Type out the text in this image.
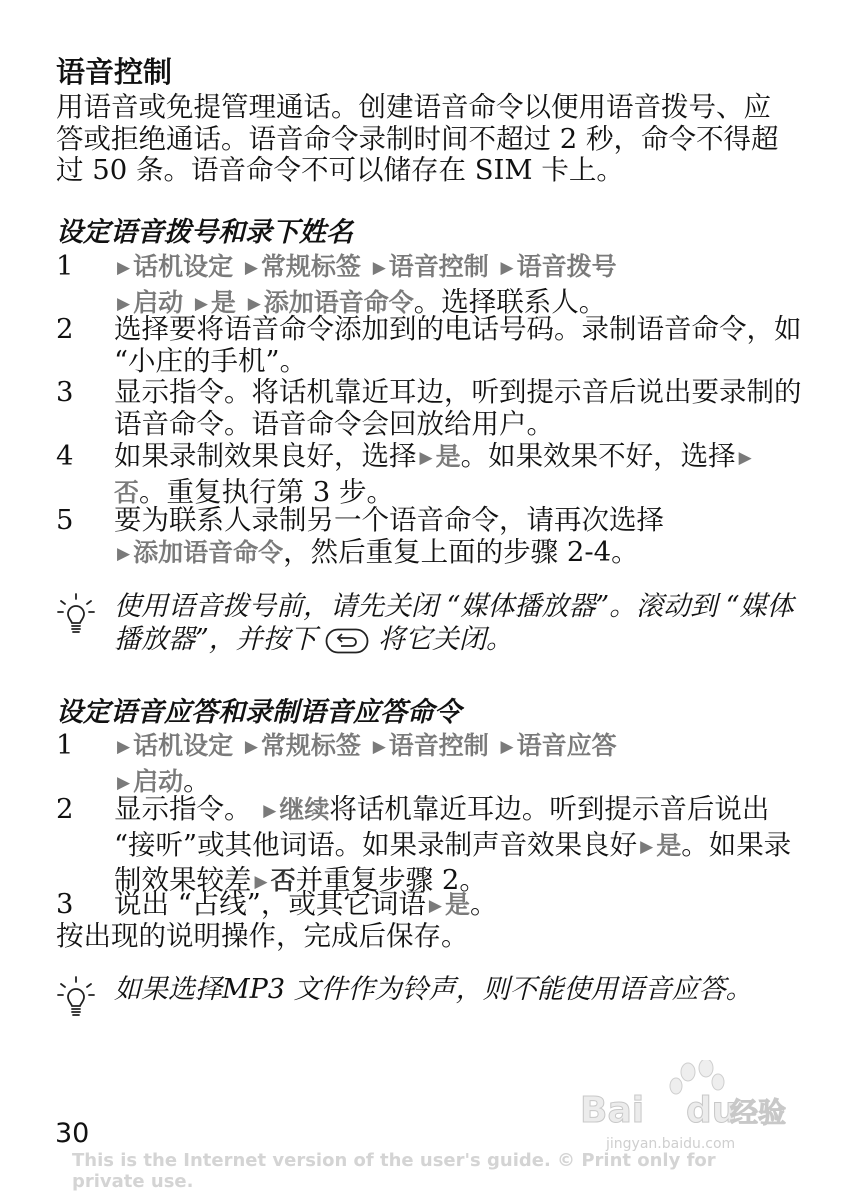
语音控制

用语音或免提管理通话。创建语音命令以便用语音拨号、应答或拒绝通话。语音命令录制时间不超过 2 秒，命令不得超过 50 条。语音命令不可以储存在 SIM 卡上。

设定语音拨号和录下姓名
1	▶ 话机设定 ▶ 常规标签 ▶ 语音控制 ▶ 语音拨号
▶ 启动 ▶ 是 ▶ 添加语音命令。选择联系人。
2	选择要将语音命令添加到的电话号码。录制语音命令，如 “小庄的手机”。
3	显示指令。将话机靠近耳边，听到提示音后说出要录制的语音命令。语音命令会回放给用户。
4	如果录制效果良好，选择 ▶ 是。如果效果不好，选择 ▶否。重复执行第 3 步。
5	要为联系人录制另一个语音命令，请再次选择
▶ 添加语音命令，然后重复上面的步骤 2-4。
使用语音拨号前，请先关闭 “媒体播放器”。滚动到 “媒体播放器”，并按下 将它关闭。
设定语音应答和录制语音应答命令
1	▶ 话机设定 ▶ 常规标签 ▶ 语音控制 ▶ 语音应答
▶ 启动。
2	显示指令。 ▶ 继续将话机靠近耳边。听到提示音后说出 “接听”或其他词语。如果录制声音效果良好 ▶ 是。如果录制效果较差 ▶ 否并重复步骤 2。
3	说出 “占线”，或其它词语 ▶ 是。

按出现的说明操作，完成后保存。

如果选择MP3 文件作为铃声，则不能使用语音应答。
Bai du
经验
jingyan.baidu.com
30
This is the Internet version of the user's guide. © Print only for private use.
